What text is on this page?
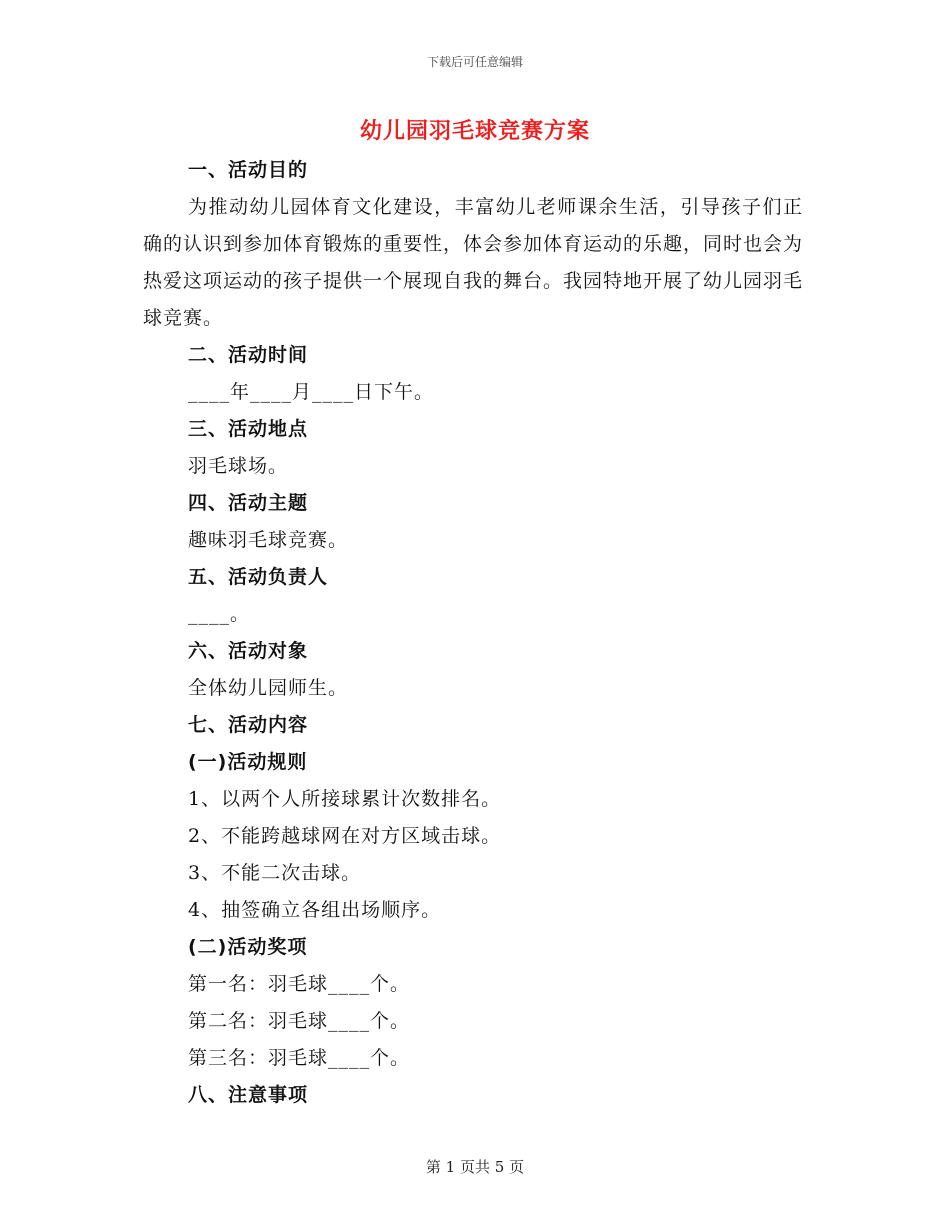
下载后可任意编辑
幼儿园羽毛球竞赛方案
一、活动目的

为推动幼儿园体育文化建设，丰富幼儿老师课余生活，引导孩子们正确的认识到参加体育锻炼的重要性，体会参加体育运动的乐趣，同时也会为热爱这项运动的孩子提供一个展现自我的舞台。我园特地开展了幼儿园羽毛球竞赛。

二、活动时间
____年____月____日下午。
三、活动地点
羽毛球场。
四、活动主题
趣味羽毛球竞赛。
五、活动负责人
____。
六、活动对象
全体幼儿园师生。
七、活动内容
(一)活动规则
1、以两个人所接球累计次数排名。
2、不能跨越球网在对方区域击球。
3、不能二次击球。
4、抽签确立各组出场顺序。
(二)活动奖项
第一名：羽毛球____个。
第二名：羽毛球____个。
第三名：羽毛球____个。
八、注意事项
第 1 页共 5 页
